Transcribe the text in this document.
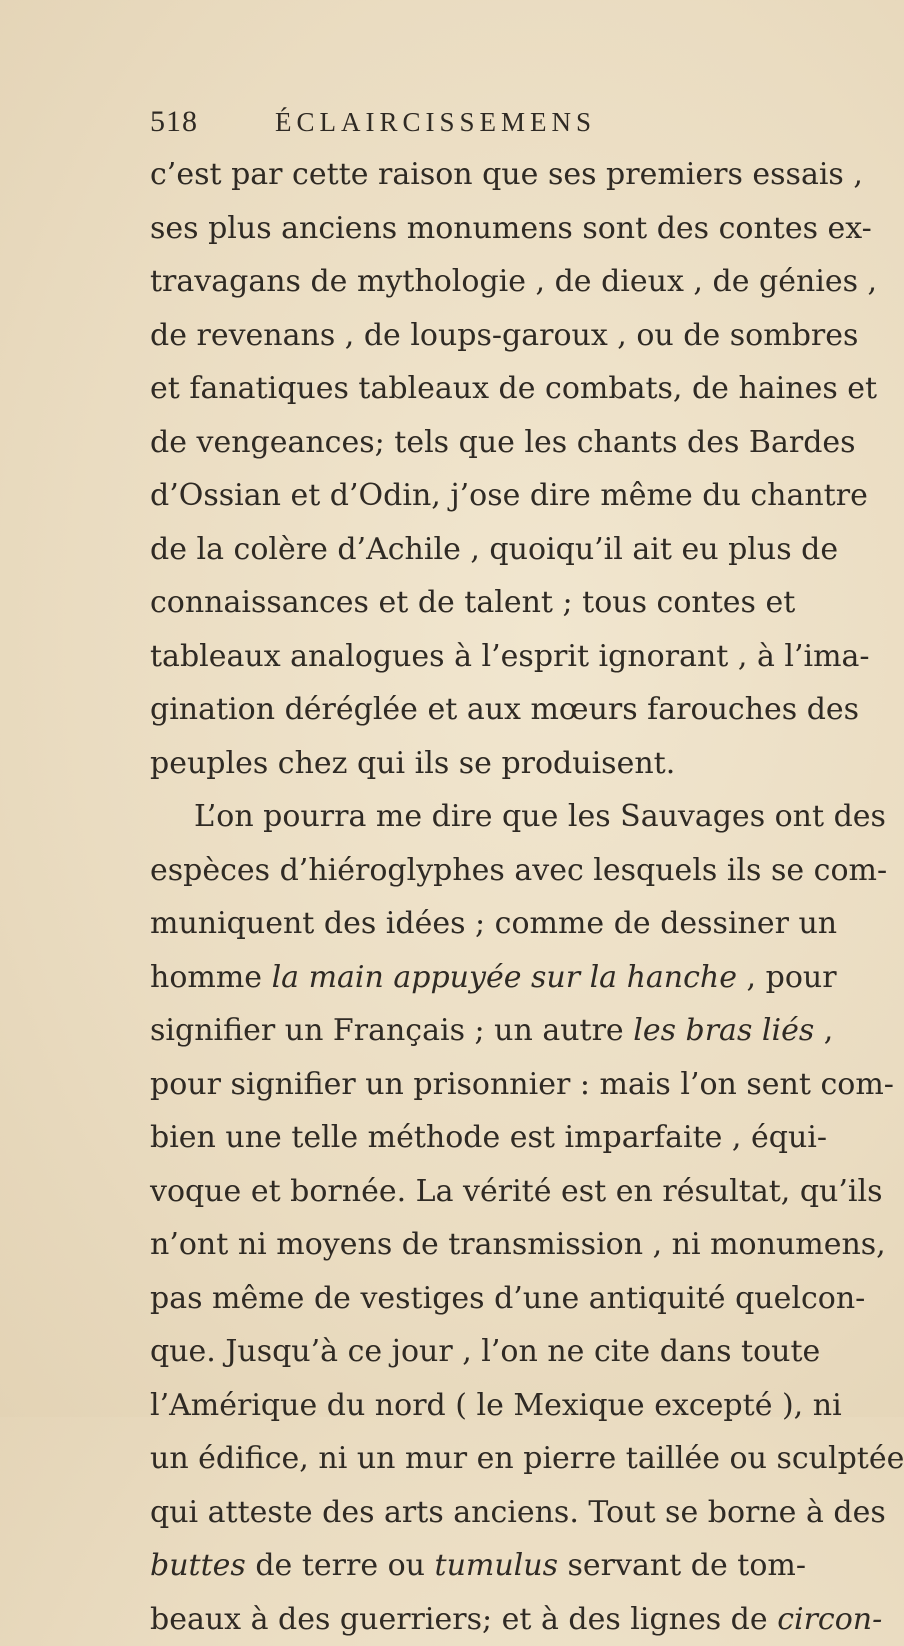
518	ÉCLAIRCISSEMENS
c’est par cette raison que ses premiers essais ,
ses plus anciens monumens sont des contes ex-
travagans de mythologie , de dieux , de génies ,
de revenans , de loups-garoux , ou de sombres
et fanatiques tableaux de combats, de haines et
de vengeances; tels que les chants des Bardes
d’Ossian et d’Odin, j’ose dire même du chantre
de la colère d’Achile , quoiqu’il ait eu plus de
connaissances et de talent ; tous contes et
tableaux analogues à l’esprit ignorant , à l’ima-
gination déréglée et aux mœurs farouches des
peuples chez qui ils se produisent.
L’on pourra me dire que les Sauvages ont des
espèces d’hiéroglyphes avec lesquels ils se com-
muniquent des idées ; comme de dessiner un
homme la main appuyée sur la hanche , pour
signifier un Français ; un autre les bras liés ,
pour signifier un prisonnier : mais l’on sent com-
bien une telle méthode est imparfaite , équi-
voque et bornée. La vérité est en résultat, qu’ils
n’ont ni moyens de transmission , ni monumens,
pas même de vestiges d’une antiquité quelcon-
que. Jusqu’à ce jour , l’on ne cite dans toute
l’Amérique du nord ( le Mexique excepté ), ni
un édifice, ni un mur en pierre taillée ou sculptée
qui atteste des arts anciens. Tout se borne à des
buttes de terre ou tumulus servant de tom-
beaux à des guerriers; et à des lignes de circon-
